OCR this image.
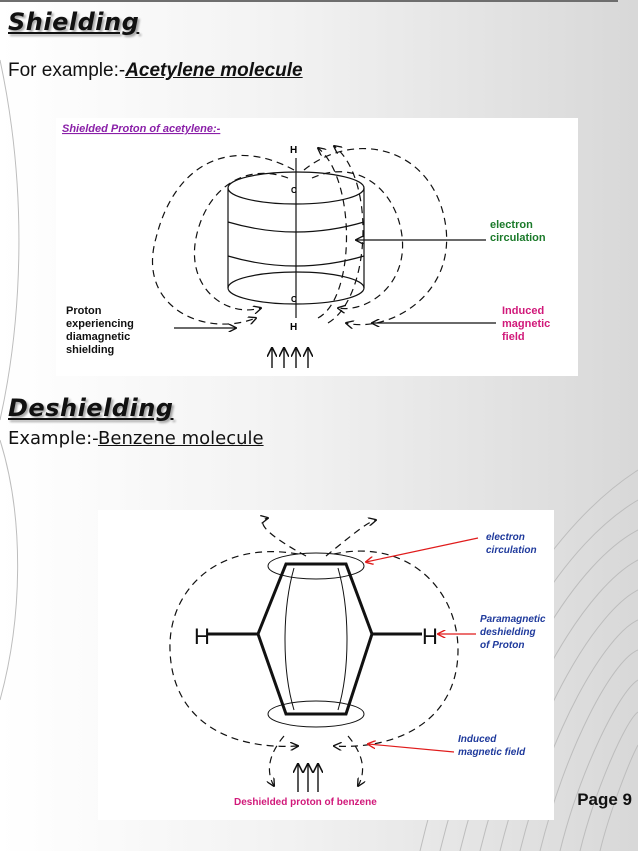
Shielding
For example:-Acetylene molecule
Shielded Proton of acetylene:-
H
C
C
H
electron
circulation
Induced
magnetic
field
Proton
experiencing
diamagnetic
shielding
Deshielding
Example:-Benzene molecule
H	H
electron
circulation
Paramagnetic
deshielding
of Proton
Induced
magnetic field
Deshielded proton of benzene	Page 9
